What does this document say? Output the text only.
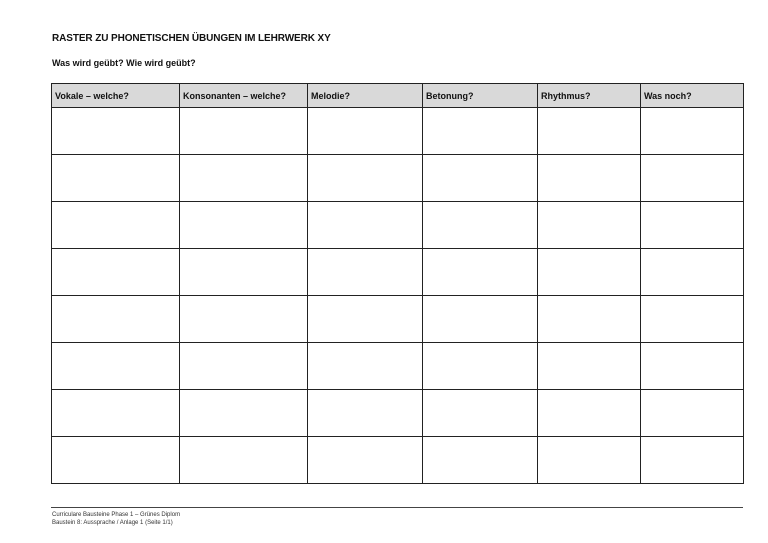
RASTER ZU PHONETISCHEN ÜBUNGEN IM LEHRWERK XY
Was wird geübt? Wie wird geübt?
Vokale – welche?	Konsonanten – welche?	Melodie?	Betonung?	Rhythmus?	Was noch?

Curriculare Bausteine Phase 1 – Grünes Diplom
Baustein 8: Aussprache / Anlage 1 (Seite 1/1)
